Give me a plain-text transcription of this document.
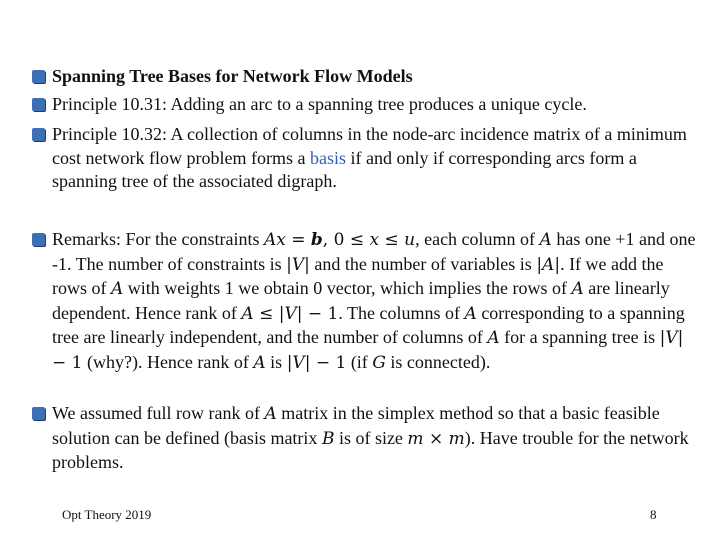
Spanning Tree Bases for Network Flow Models
Principle 10.31: Adding an arc to a spanning tree produces a unique cycle.
Principle 10.32: A collection of columns in the node-arc incidence matrix of a minimum cost network flow problem forms a basis if and only if corresponding arcs form a spanning tree of the associated digraph.
Remarks: For the constraints Ax = b, 0 ≤ x ≤ u, each column of A has one +1 and one -1. The number of constraints is |V| and the number of variables is |A|. If we add the rows of A with weights 1 we obtain 0 vector, which implies the rows of A are linearly dependent. Hence rank of A ≤ |V| − 1. The columns of A corresponding to a spanning tree are linearly independent, and the number of columns of A for a spanning tree is |V| − 1 (why?). Hence rank of A is |V| − 1 (if G is connected).
We assumed full row rank of A matrix in the simplex method so that a basic feasible solution can be defined (basis matrix B is of size m × m). Have trouble for the network problems.
Opt Theory 2019	8
